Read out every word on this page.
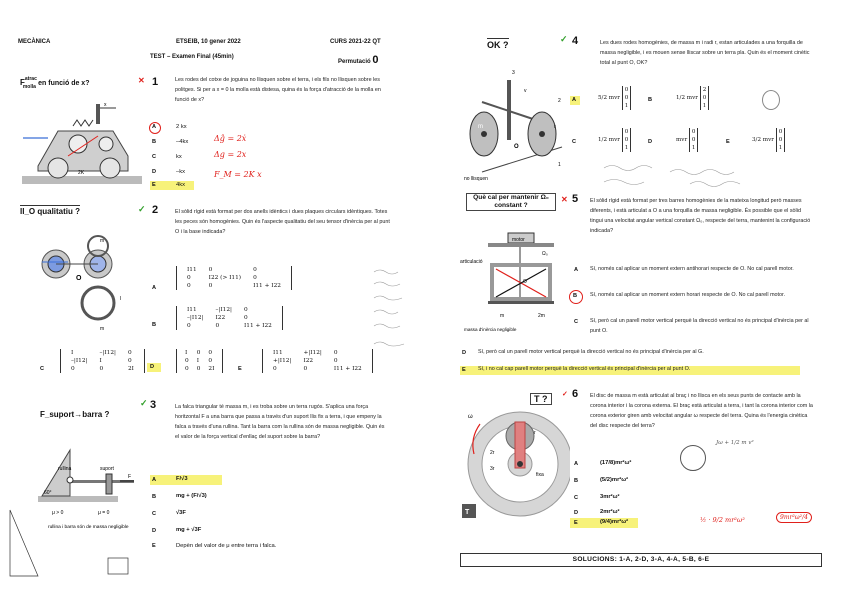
MECÀNICA	ETSEIB, 10 gener 2022	CURS 2021-22 QT
TEST – Examen Final (45min)
Permutació 0
$F^{atrac}_{molla}$ en funció de x?	✕ 1	Les rodes del cotxe de joguina no llisquen sobre el terra, i els fils no llisquen sobre les politges. Si per a x = 0 la molla està distesa, quina és la força d'atracció de la molla en funció de x?
x
2K
A	2 kx
B	–4kx
C	kx
D	–kx
E	4kx
Δĝ = 2ẋ
Δg = 2x
F_M = 2K x
II_O qualitatiu ?	✓ 2	El sòlid rígid està format per dos anells idèntics i dues plaques circulars idèntiques. Totes les peces són homogènies. Quin és l'aspecte qualitatiu del seu tensor d'inèrcia per al punt O i la base indicada?
O
m
m
I
A
I11	0	0
0	I22 (> I11)	0
0	0	I11 + I22
B
I11	–|I12|	0
–|I12|	I22	0
0	0	I11 + I22
C
I	–|I12|	0
–|I12|	I	0
0	0	2I	D
I	0	0
0	I	0
0	0	2I	E
I11	+|I12|	0
+|I12|	I22	0
0	0	I11 + I22
F_suport→barra ?
✓ 3	La falca triangular té massa m, i es troba sobre un terra rugós. S'aplica una força horitzontal F a una barra que passa a través d'un suport llis fix a terra, i que empeny la falca a través d'una rullina. Tant la barra com la rullina són de massa negligible. Quin és el valor de la força vertical d'enllaç del suport sobre la barra?
rullina	suport
60°
μ > 0	μ = 0
rullina i barra són de massa negligible
F	A	F/√3
B	mg + (F/√3)
C	√3F
D	mg + √3F
E	Depèn del valor de μ entre terra i falca.
OK ?
✓ 4	Les dues rodes homogènies, de massa m i radi r, estan articulades a una forquilla de massa negligible, i es mouen sense lliscar sobre un terra pla. Quin és el moment cinètic total al punt O, OK?
no llisquen
m	r
O
3
2
1
v
A	5/2 mvr
0
0
1
B	1/2 mvr
2
0
1
C	1/2 mvr
0
0
1
D	mvr
0
0
1
E	3/2 mvr
0
0
1
Què cal per mantenir Ω₀ constant ?
✕ 5 El sòlid rígid està format per tres barres homogènies de la mateixa longitud però masses diferents, i està articulat a O a una forquilla de massa negligible. És possible que el sòlid tingui una velocitat angular vertical constant Ω₀, respecte del terra, mantenint la configuració indicada?
motor
articulació
Ω₀
O
m	2m
massa d'inèrcia negligible
A Sí, només cal aplicar un moment extern antihorari respecte de O. No cal parell motor.
B Sí, només cal aplicar un moment extern horari respecte de O. No cal parell motor.
C Sí, però cal un parell motor vertical perquè la direcció vertical no és principal d'inèrcia per al punt O.
D Sí, però cal un parell motor vertical perquè la direcció vertical no és principal d'inèrcia per al G.
E Sí, i no cal cap parell motor perquè la direcció vertical és principal d'inèrcia per al punt O.
T ?	✓ 6 El disc de massa m està articulat al braç i no llisca en els seus punts de contacte amb la corona interior i la corona externa. El braç està articulat a terra, i tant la corona interior com la corona exterior giren amb velocitat angular ω respecte del terra. Quina és l'energia cinètica del disc respecte del terra?
ω
r
2r
3r
fixa
T
A	(17/8)mr²ω²
B	(5/2)mr²ω²
C	3mr²ω²
D	2mr²ω²
E	(9/4)mr²ω²
Jω + 1/2 m v²
½ · 9/2 mr²ω²	9mr²ω²/4
SOLUCIONS: 1-A, 2-D, 3-A, 4-A, 5-B, 6-E
